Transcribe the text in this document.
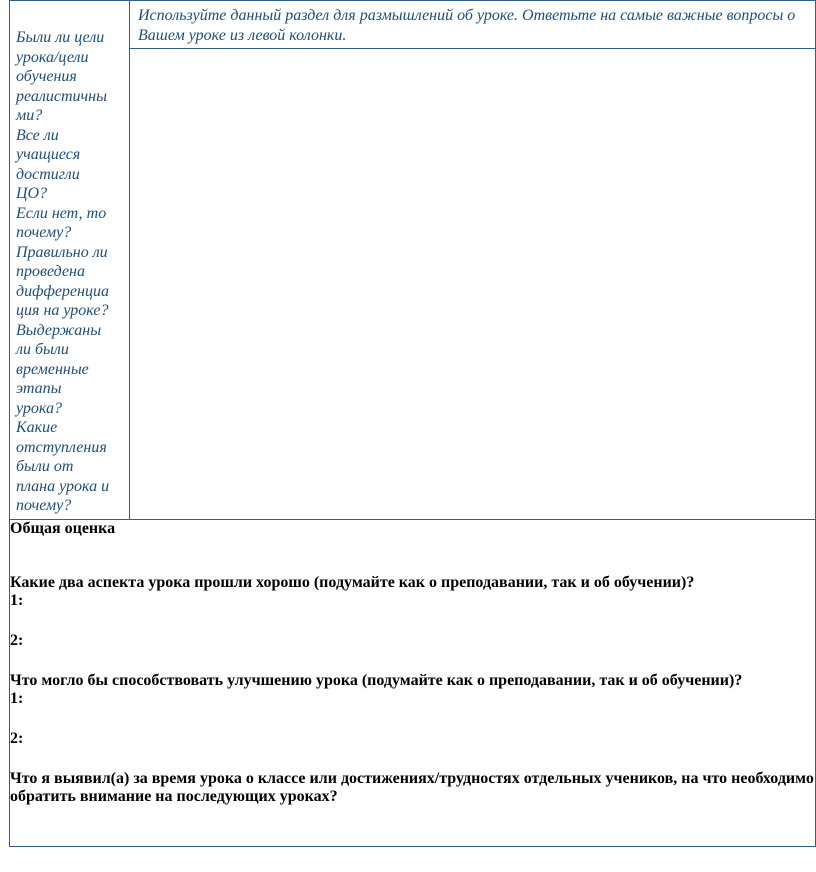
Были ли цели
урока/цели
обучения
реалистичны
ми?
Все ли
учащиеся
достигли
ЦО?
Если нет, то
почему?
Правильно ли
проведена
дифференциа
ция на уроке?
Выдержаны
ли были
временные
этапы
урока?
Какие
отступления
были от
плана урока и
почему?

Используйте данный раздел для размышлений об уроке. Ответьте на самые важные вопросы о Вашем уроке из левой колонки.

Общая оценка

Какие два аспекта урока прошли хорошо (подумайте как о преподавании, так и об обучении)?

1:

2:

Что могло бы способствовать улучшению урока (подумайте как о преподавании, так и об обучении)?

1:

2:

Что я выявил(а) за время урока о классе или достижениях/трудностях отдельных учеников, на что необходимо обратить внимание на последующих уроках?
